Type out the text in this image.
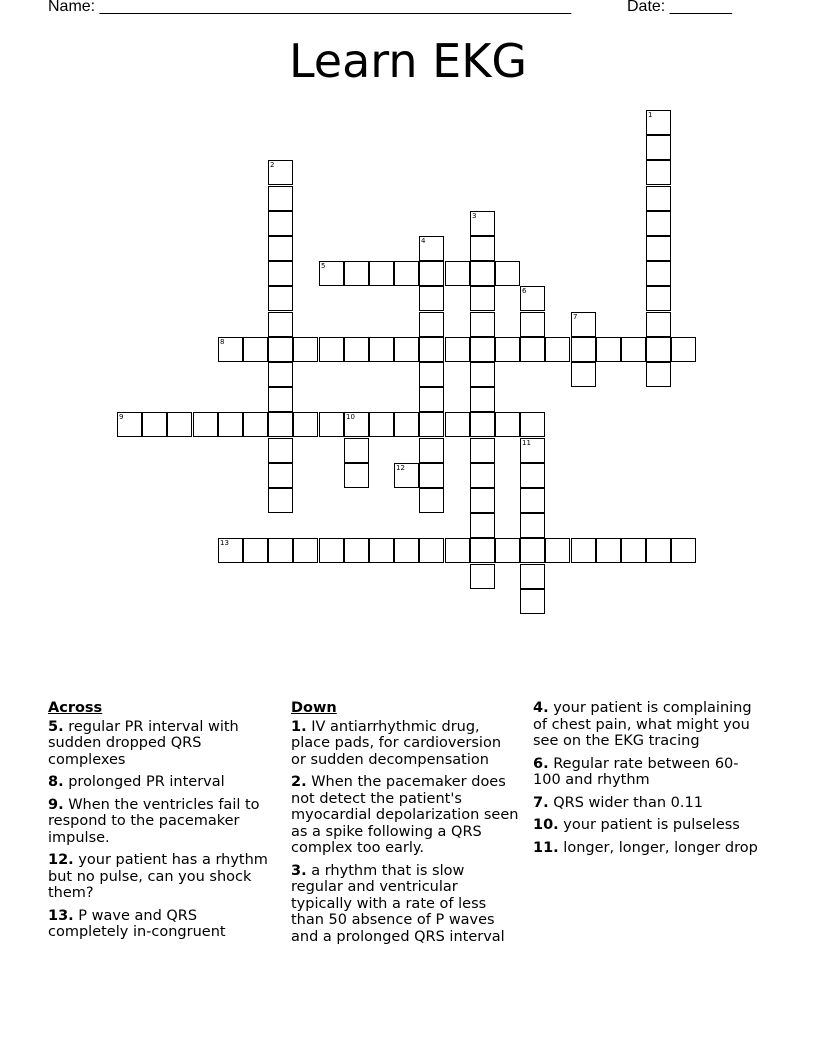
Name: _____________________________________________________	Date: _______
Learn EKG
1
2
3
4
5
6
7
8
9	10
11
12
13
Across
5. regular PR interval with sudden dropped QRS complexes
8. prolonged PR interval
9. When the ventricles fail to respond to the pacemaker impulse.
12. your patient has a rhythm but no pulse, can you shock them?
13. P wave and QRS completely in-congruent
Down
1. IV antiarrhythmic drug, place pads, for cardioversion or sudden decompensation
2. When the pacemaker does not detect the patient's myocardial depolarization seen as a spike following a QRS complex too early.
3. a rhythm that is slow regular and ventricular typically with a rate of less than 50 absence of P waves and a prolonged QRS interval
4. your patient is complaining of chest pain, what might you see on the EKG tracing
6. Regular rate between 60-100 and rhythm
7. QRS wider than 0.11
10. your patient is pulseless
11. longer, longer, longer drop
